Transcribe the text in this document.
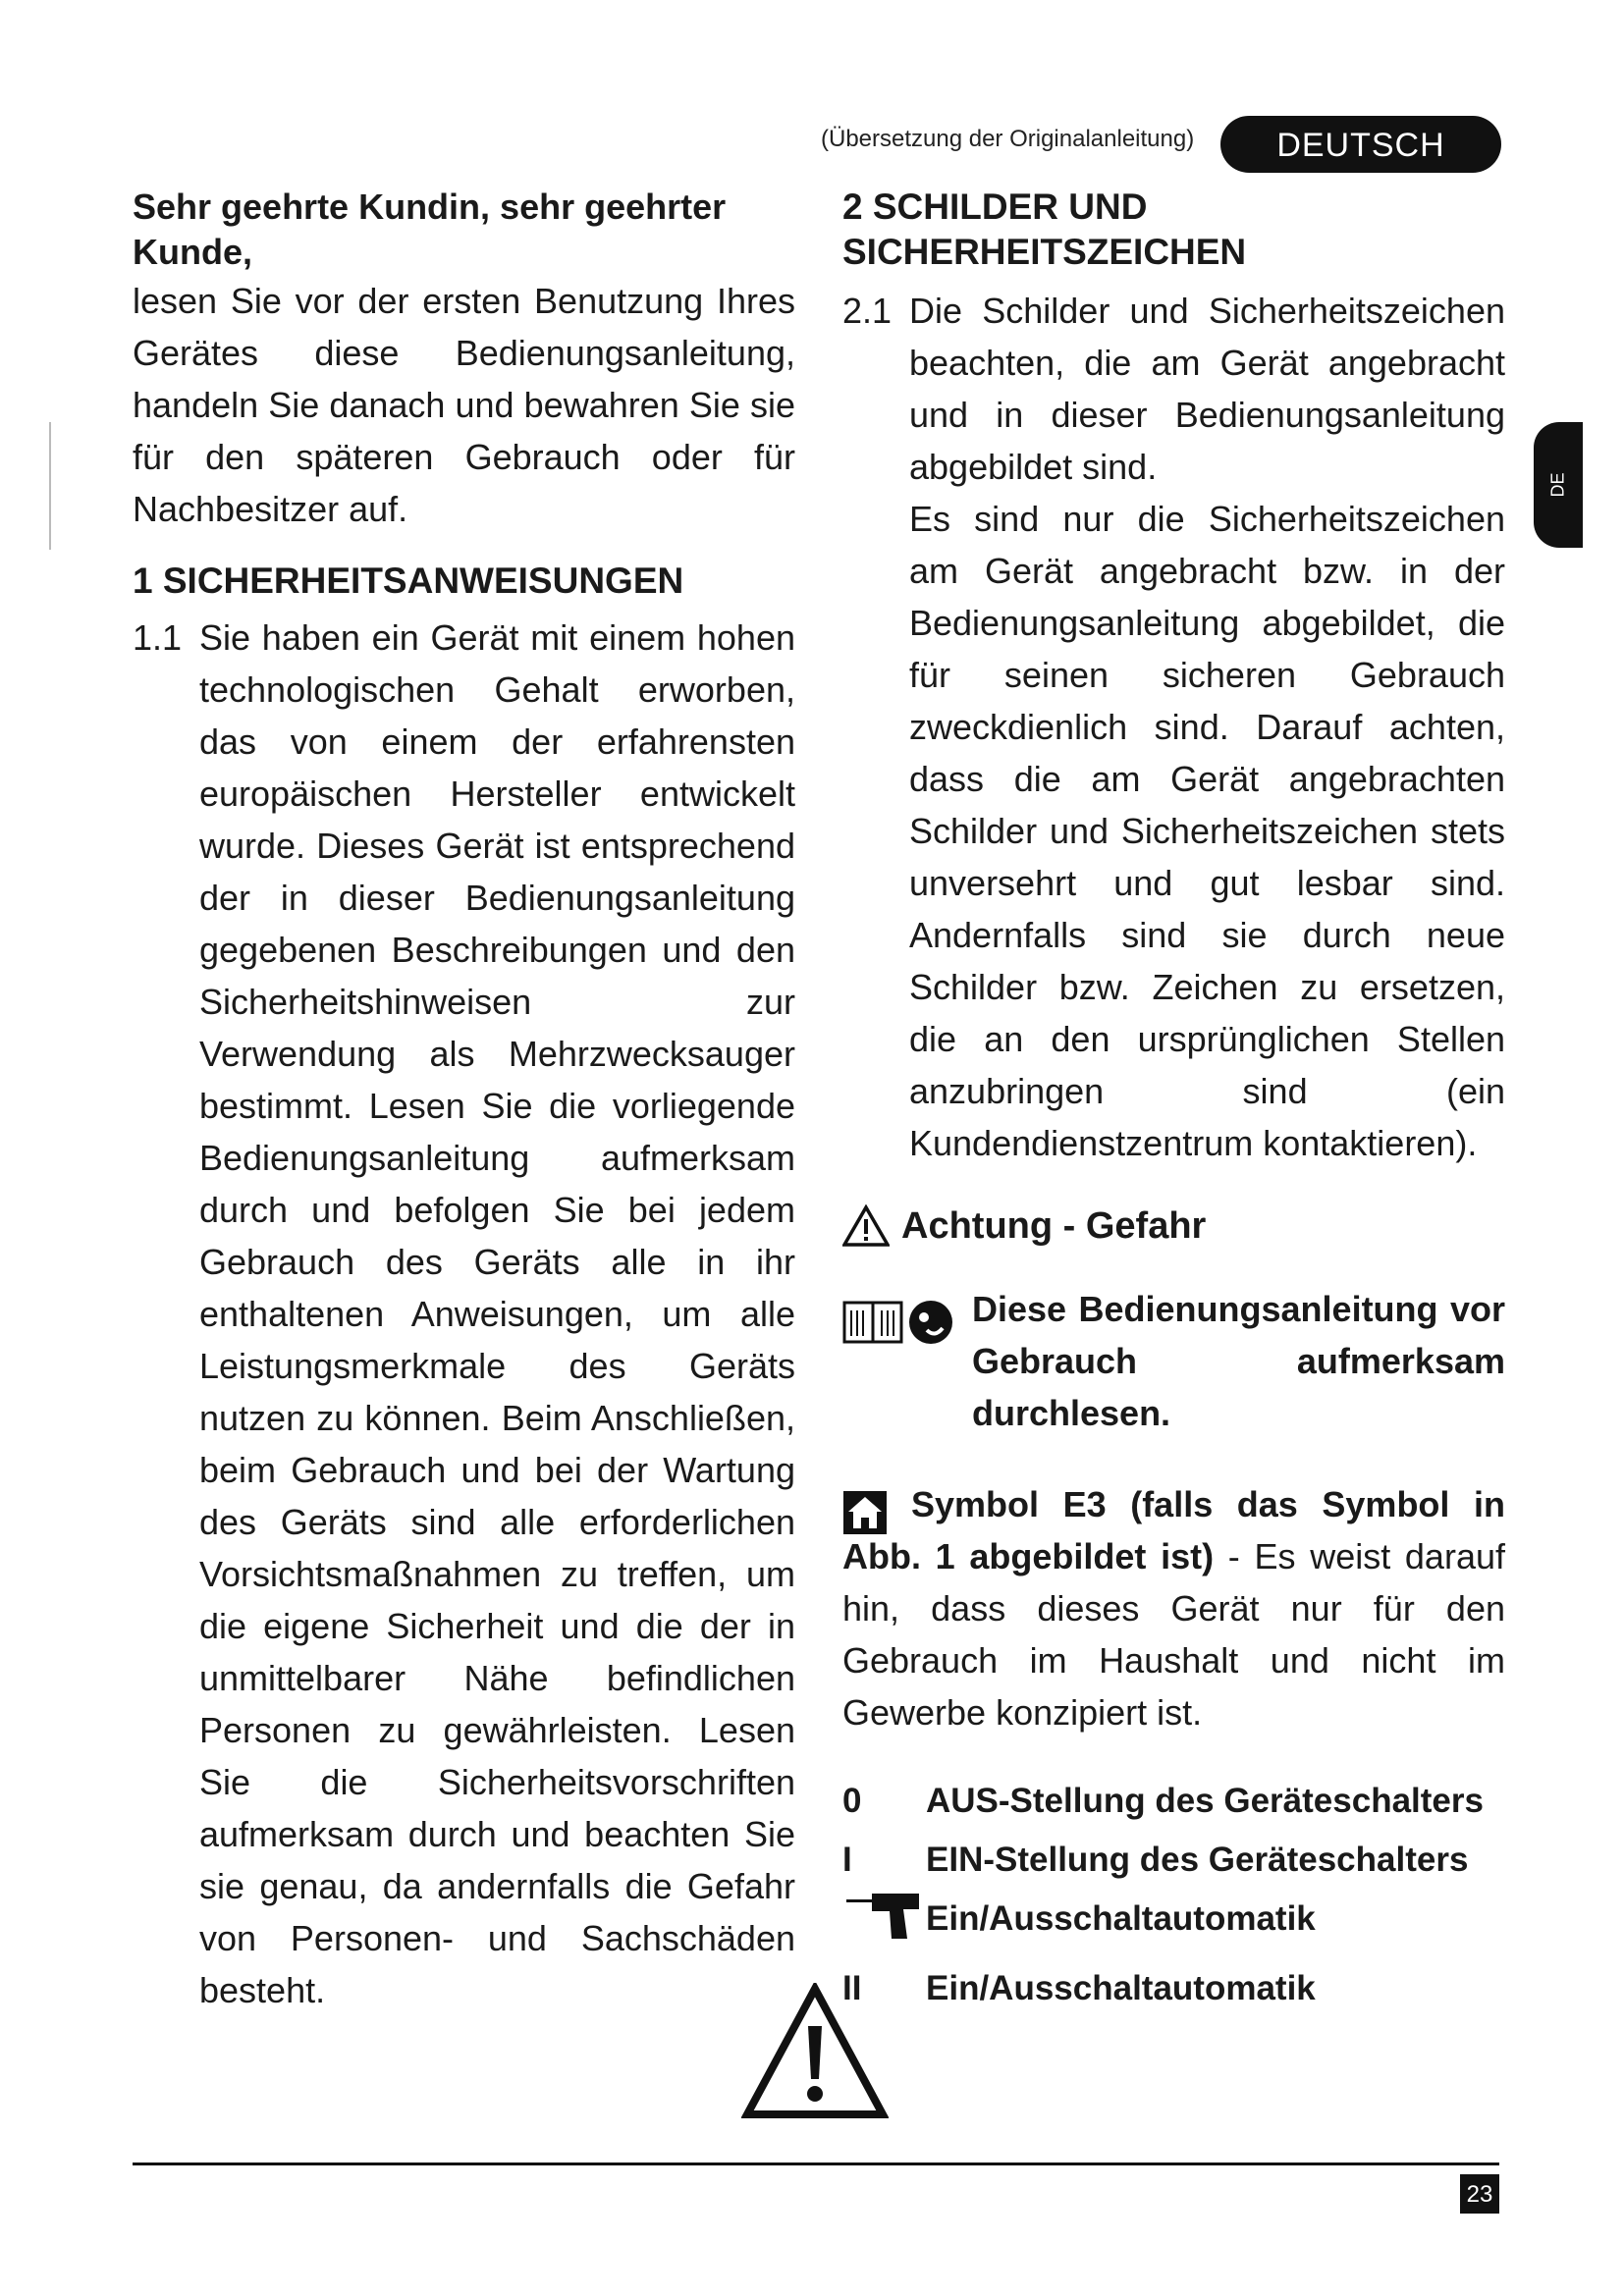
(Übersetzung der Originalanleitung)	DEUTSCH
DE
Sehr geehrte Kundin, sehr geehrter Kunde,
lesen Sie vor der ersten Benutzung Ihres Gerätes diese Bedienungsanleitung, handeln Sie danach und bewahren Sie sie für den späteren Gebrauch oder für Nachbesitzer auf.
1 SICHERHEITSANWEISUNGEN
1.1 Sie haben ein Gerät mit einem hohen technologischen Gehalt erworben, das von einem der erfahrensten europäischen Hersteller entwickelt wurde. Dieses Gerät ist entsprechend der in dieser Bedienungsanleitung gegebenen Beschreibungen und den Sicherheitshinweisen zur Verwendung als Mehrzwecksauger bestimmt. Lesen Sie die vorliegende Bedienungsanleitung aufmerksam durch und befolgen Sie bei jedem Gebrauch des Geräts alle in ihr enthaltenen Anweisungen, um alle Leistungsmerkmale des Geräts nutzen zu können. Beim Anschließen, beim Gebrauch und bei der Wartung des Geräts sind alle erforderlichen Vorsichtsmaßnahmen zu treffen, um die eigene Sicherheit und die der in unmittelbarer Nähe befindlichen Personen zu gewährleisten. Lesen Sie die Sicherheitsvorschriften aufmerksam durch und beachten Sie sie genau, da andernfalls die Gefahr von Personen- und Sachschäden besteht.
2 SCHILDER UND SICHERHEITSZEICHEN
2.1 Die Schilder und Sicherheitszeichen beachten, die am Gerät angebracht und in dieser Bedienungsanleitung abgebildet sind.
Es sind nur die Sicherheitszeichen am Gerät angebracht bzw. in der Bedienungsanleitung abgebildet, die für seinen sicheren Gebrauch zweckdienlich sind. Darauf achten, dass die am Gerät angebrachten Schilder und Sicherheitszeichen stets unversehrt und gut lesbar sind. Andernfalls sind sie durch neue Schilder bzw. Zeichen zu ersetzen, die an den ursprünglichen Stellen anzubringen sind (ein Kundendienstzentrum kontaktieren).
Achtung - Gefahr
Diese Bedienungsanleitung vor Gebrauch aufmerksam durchlesen.
Symbol E3 (falls das Symbol in Abb. 1 abgebildet ist) - Es weist darauf hin, dass dieses Gerät nur für den Gebrauch im Haushalt und nicht im Gewerbe konzipiert ist.
0	AUS-Stellung des Geräteschalters
I	EIN-Stellung des Geräteschalters
Ein/Ausschaltautomatik
II	Ein/Ausschaltautomatik
23
